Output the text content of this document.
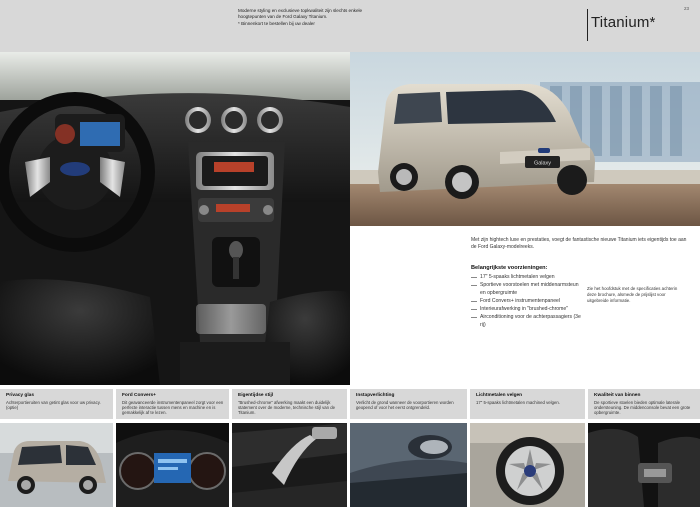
Moderne styling en exclusieve topkwaliteit zijn slechts enkele hoogtepunten van de Ford Galaxy Titanium.

* Binnenkort te bestellen bij uw dealer

23
Titanium*
Galaxy
Met zijn hightech luxe en prestaties, voegt de fantastische nieuwe Titanium iets eigentijds toe aan de Ford Galaxy-modelreeks.
Belangrijkste voorzieningen:
17" 5-spaaks lichtmetalen velgen
Sportieve voorstoelen met middenarmsteun en opbergruimte
Ford Convers+ instrumentenpaneel
Interieurafwerking in "brushed-chrome"
Airconditioning voor de achterpassagiers (3e rij)
Zie het hoofdstuk met de specificaties achterin deze brochure, alsmede de prijslijst voor uitgebreide informatie.
Privacy glas
Achterportieruiten van getint glas voor uw privacy. (optie)
Ford Convers+
Dit geavanceerde instrumentenpaneel zorgt voor een perfecte interactie tussen mens en machine en is gemakkelijk af te lezen.
Eigentijdse stijl
"Brushed-chrome" afwerking maakt een duidelijk statement over de moderne, technische stijl van de Titanium.
Instapverlichting
Verlicht de grond wanneer de voorportieren worden geopend of voor het eerst ontgrendeld.
Lichtmetalen velgen
17" 5-spaaks lichtmetalen machined velgen.
Kwaliteit van binnen
De sportieve stoelen bieden optimale laterale ondersteuning. De middenconsole bevat een grote opbergruimte.
